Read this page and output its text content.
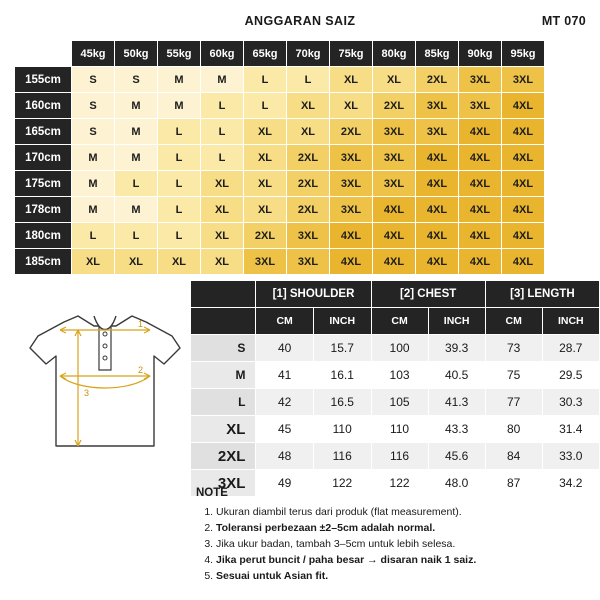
ANGGARAN SAIZ	MT 070
	45kg	50kg	55kg	60kg	65kg	70kg	75kg	80kg	85kg	90kg	95kg
155cm	S	S	M	M	L	L	XL	XL	2XL	3XL	3XL
160cm	S	M	M	L	L	XL	XL	2XL	3XL	3XL	4XL
165cm	S	M	L	L	XL	XL	2XL	3XL	3XL	4XL	4XL
170cm	M	M	L	L	XL	2XL	3XL	3XL	4XL	4XL	4XL
175cm	M	L	L	XL	XL	2XL	3XL	3XL	4XL	4XL	4XL
178cm	M	M	L	XL	XL	2XL	3XL	4XL	4XL	4XL	4XL
180cm	L	L	L	XL	2XL	3XL	4XL	4XL	4XL	4XL	4XL
185cm	XL	XL	XL	XL	3XL	3XL	4XL	4XL	4XL	4XL	4XL
1
2
3
	[1] SHOULDER		[2] CHEST		[3] LENGTH	
	CM	INCH	CM	INCH	CM	INCH
S	40	15.7	100	39.3	73	28.7
M	41	16.1	103	40.5	75	29.5
L	42	16.5	105	41.3	77	30.3
XL	45	110	110	43.3	80	31.4
2XL	48	116	116	45.6	84	33.0
3XL	49	122	122	48.0	87	34.2
NOTE
1. Ukuran diambil terus dari produk (flat measurement).
2. Toleransi perbezaan ±2–5cm adalah normal.
3. Jika ukur badan, tambah 3–5cm untuk lebih selesa.
4. Jika perut buncit / paha besar → disaran naik 1 saiz.
5. Sesuai untuk Asian fit.
